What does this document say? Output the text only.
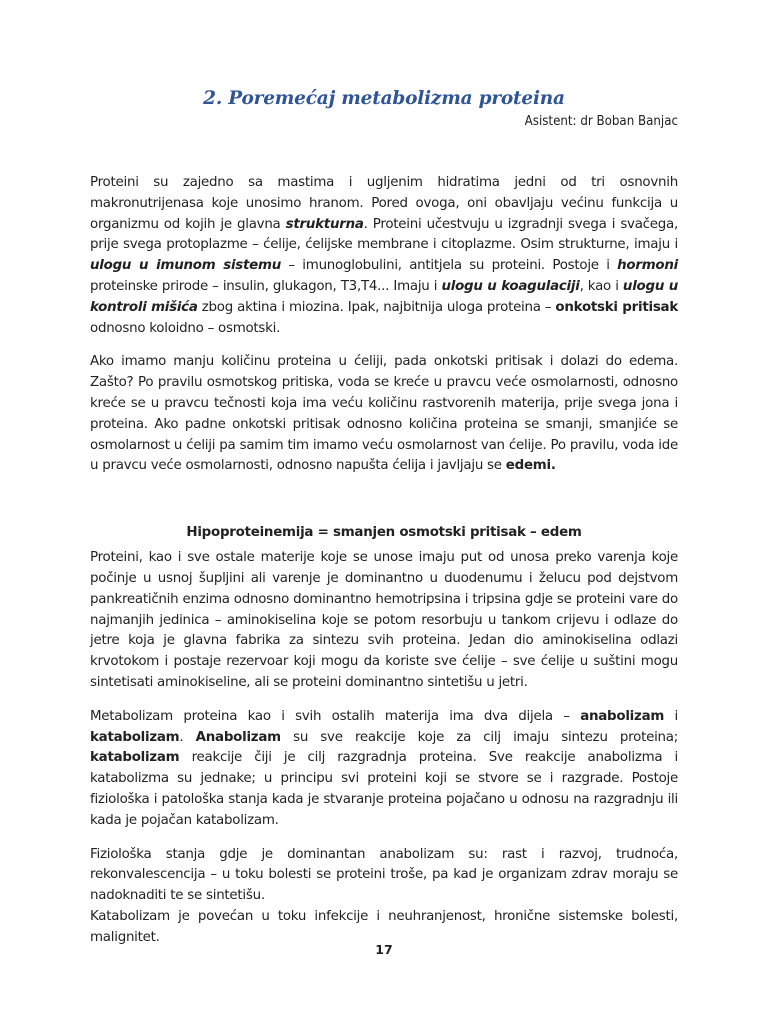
2. Poremećaj metabolizma proteina
Asistent: dr Boban Banjac

Proteini su zajedno sa mastima i ugljenim hidratima jedni od tri osnovnih makronutrijenasa koje unosimo hranom. Pored ovoga, oni obavljaju većinu funkcija u organizmu od kojih je glavna strukturna. Proteini učestvuju u izgradnji svega i svačega, prije svega protoplazme – ćelije, ćelijske membrane i citoplazme. Osim strukturne, imaju i ulogu u imunom sistemu – imunoglobulini, antitjela su proteini. Postoje i hormoni proteinske prirode – insulin, glukagon, T3,T4... Imaju i ulogu u koagulaciji, kao i ulogu u kontroli mišića zbog aktina i miozina. Ipak, najbitnija uloga proteina – onkotski pritisak odnosno koloidno – osmotski.

Ako imamo manju količinu proteina u ćeliji, pada onkotski pritisak i dolazi do edema. Zašto? Po pravilu osmotskog pritiska, voda se kreće u pravcu veće osmolarnosti, odnosno kreće se u pravcu tečnosti koja ima veću količinu rastvorenih materija, prije svega jona i proteina. Ako padne onkotski pritisak odnosno količina proteina se smanji, smanjiće se osmolarnost u ćeliji pa samim tim imamo veću osmolarnost van ćelije. Po pravilu, voda ide u pravcu veće osmolarnosti, odnosno napušta ćelija i javljaju se edemi.

Hipoproteinemija = smanjen osmotski pritisak – edem

Proteini, kao i sve ostale materije koje se unose imaju put od unosa preko varenja koje počinje u usnoj šupljini ali varenje je dominantno u duodenumu i želucu pod dejstvom pankreatičnih enzima odnosno dominantno hemotripsina i tripsina gdje se proteini vare do najmanjih jedinica – aminokiselina koje se potom resorbuju u tankom crijevu i odlaze do jetre koja je glavna fabrika za sintezu svih proteina. Jedan dio aminokiselina odlazi krvotokom i postaje rezervoar koji mogu da koriste sve ćelije – sve ćelije u suštini mogu sintetisati aminokiseline, ali se proteini dominantno sintetišu u jetri.

Metabolizam proteina kao i svih ostalih materija ima dva dijela – anabolizam i katabolizam. Anabolizam su sve reakcije koje za cilj imaju sintezu proteina; katabolizam reakcije čiji je cilj razgradnja proteina. Sve reakcije anabolizma i katabolizma su jednake; u principu svi proteini koji se stvore se i razgrade. Postoje fiziološka i patološka stanja kada je stvaranje proteina pojačano u odnosu na razgradnju ili kada je pojačan katabolizam.

Fiziološka stanja gdje je dominantan anabolizam su: rast i razvoj, trudnoća, rekonvalescencija – u toku bolesti se proteini troše, pa kad je organizam zdrav moraju se nadoknaditi te se sintetišu.
Katabolizam je povećan u toku infekcije i neuhranjenost, hronične sistemske bolesti, malignitet.

17
